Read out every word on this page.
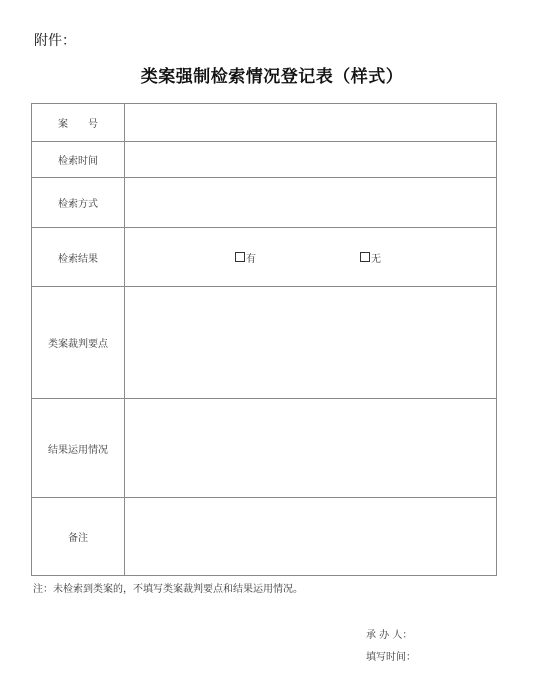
附件：
类案强制检索情况登记表（样式）
案　　号	
检索时间	
检索方式	
检索结果	有 无

类案裁判要点	
结果运用情况	
备注	
注：未检索到类案的，不填写类案裁判要点和结果运用情况。
承 办 人：
填写时间：
